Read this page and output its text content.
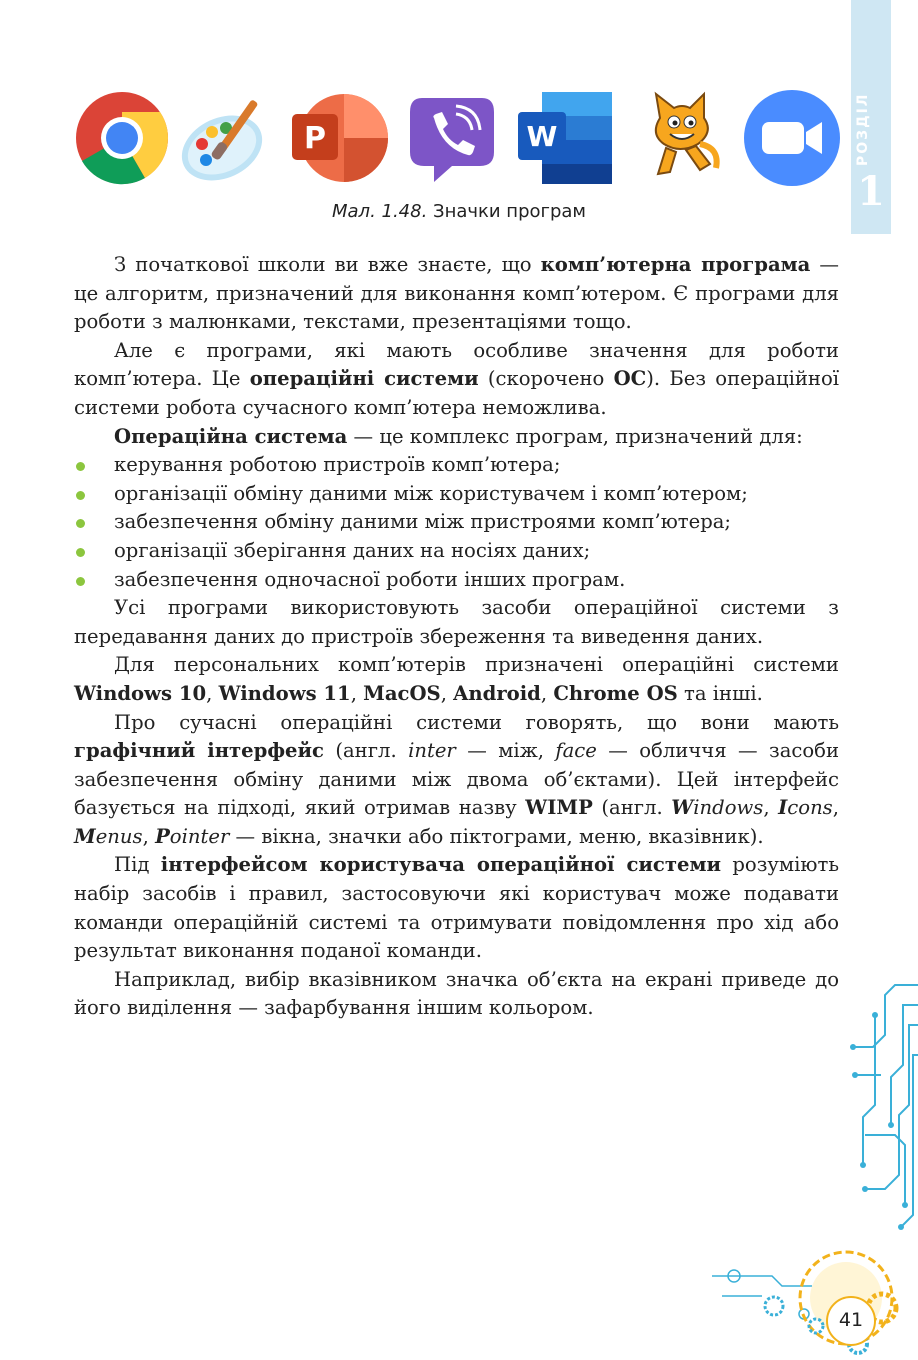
РОЗДІЛ
1
P	W
Мал. 1.48. Значки програм

З початкової школи ви вже знаєте, що комп’ютерна програма — це алгоритм, призначений для виконання комп’ютером. Є програми для роботи з малюнками, текстами, презентаціями тощо.

Але є програми, які мають особливе значення для роботи комп’ютера. Це операційні системи (скорочено ОС). Без операційної системи робота сучасного комп’ютера неможлива.

Операційна система — це комплекс програм, призначений для:

керування роботою пристроїв комп’ютера;
організації обміну даними між користувачем і комп’ютером;
забезпечення обміну даними між пристроями комп’ютера;
організації зберігання даних на носіях даних;
забезпечення одночасної роботи інших програм.

Усі програми використовують засоби операційної системи з передавання даних до пристроїв збереження та виведення даних.

Для персональних комп’ютерів призначені операційні системи Windows 10, Windows 11, MacOS, Android, Chrome OS та інші.

Про сучасні операційні системи говорять, що вони мають графічний інтерфейс (англ. inter — між, face — обличчя — засоби забезпечення обміну даними між двома об’єктами). Цей інтерфейс базується на підході, який отримав назву WIMP (англ. Windows, Icons, Menus, Pointer — вікна, значки або піктограми, меню, вказівник).

Під інтерфейсом користувача операційної системи розуміють набір засобів і правил, застосовуючи які користувач може подавати команди операційній системі та отримувати повідомлення про хід або результат виконання поданої команди.

Наприклад, вибір вказівником значка об’єкта на екрані приведе до його виділення — зафарбування іншим кольором.

41
